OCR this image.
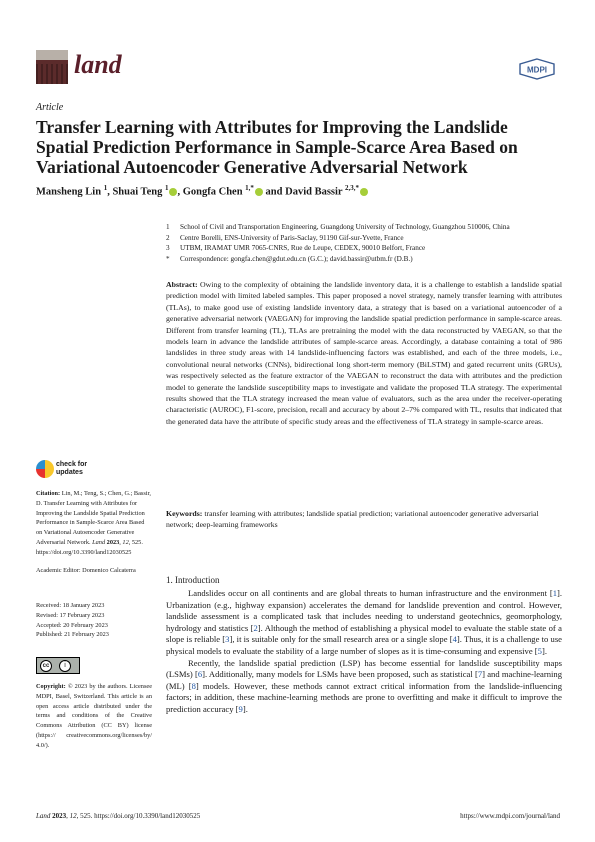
land	MDPI
Article
Transfer Learning with Attributes for Improving the Landslide Spatial Prediction Performance in Sample-Scarce Area Based on Variational Autoencoder Generative Adversarial Network
Mansheng Lin $^1$, Shuai Teng $^1$ , Gongfa Chen $^{1,*}$ and David Bassir $^{2,3,*}$
1	School of Civil and Transportation Engineering, Guangdong University of Technology, Guangzhou 510006, China
2	Centre Borelli, ENS-University of Paris-Saclay, 91190 Gif-sur-Yvette, France
3	UTBM, IRAMAT UMR 7065-CNRS, Rue de Leupe, CEDEX, 90010 Belfort, France
*	Correspondence: gongfa.chen@gdut.edu.cn (G.C.); david.bassir@utbm.fr (D.B.)
Abstract: Owing to the complexity of obtaining the landslide inventory data, it is a challenge to establish a landslide spatial prediction model with limited labeled samples. This paper proposed a novel strategy, namely transfer learning with attributes (TLAs), to make good use of existing landslide inventory data, a strategy that is based on a variational autoencoder of a generative adversarial network (VAEGAN) for improving the landslide spatial prediction performance in sample-scarce areas. Different from transfer learning (TL), TLAs are pretraining the model with the data reconstructed by VAEGAN, so that the models learn in advance the landslide attributes of sample-scarce areas. Accordingly, a database containing a total of 986 landslides in three study areas with 14 landslide-influencing factors was established, and each of the three models, i.e., convolutional neural networks (CNNs), bidirectional long short-term memory (BiLSTM) and gated recurrent units (GRUs), was respectively selected as the feature extractor of the VAEGAN to reconstruct the data with attributes and the prediction model to generate the landslide susceptibility maps to investigate and validate the proposed TLA strategy. The experimental results showed that the TLA strategy increased the mean value of evaluators, such as the area under the receiver-operating characteristic (AUROC), F1-score, precision, recall and accuracy by about 2–7% compared with TL, results that indicated that the generated data have the attribute of specific study areas and the effectiveness of TLA strategy in sample-scarce areas.
Keywords: transfer learning with attributes; landslide spatial prediction; variational autoencoder generative adversarial network; deep-learning frameworks
check for
updates
Citation: Lin, M.; Teng, S.; Chen, G.; Bassir, D. Transfer Learning with Attributes for Improving the Landslide Spatial Prediction Performance in Sample-Scarce Area Based on Variational Autoencoder Generative Adversarial Network. Land 2023, 12, 525. https://doi.org/10.3390/land12030525
Academic Editor: Domenico Calcaterra
Received: 18 January 2023
Revised: 17 February 2023
Accepted: 20 February 2023
Published: 21 February 2023
cc	i
Copyright: © 2023 by the authors. Licensee MDPI, Basel, Switzerland. This article is an open access article distributed under the terms and conditions of the Creative Commons Attribution (CC BY) license (https:// creativecommons.org/licenses/by/ 4.0/).
1. Introduction

Landslides occur on all continents and are global threats to human infrastructure and the environment [1]. Urbanization (e.g., highway expansion) accelerates the demand for landslide prevention and control. However, landslide assessment is a complicated task that includes needing to understand geotechnics, geomorphology, hydrology and statistics [2]. Although the method of establishing a physical model to evaluate the stable state of a slope is reliable [3], it is suitable only for the small research area or a single slope [4]. Thus, it is a challenge to use physical models to evaluate the stability of a large number of slopes as it is time-consuming and expensive [5].

Recently, the landslide spatial prediction (LSP) has become essential for landslide susceptibility maps (LSMs) [6]. Additionally, many models for LSMs have been proposed, such as statistical [7] and machine-learning (ML) [8] models. However, these methods cannot extract critical information from the landslide-influencing factors; in addition, these machine-learning methods are prone to overfitting and make it difficult to improve the prediction accuracy [9].

Land 2023, 12, 525. https://doi.org/10.3390/land12030525	https://www.mdpi.com/journal/land
